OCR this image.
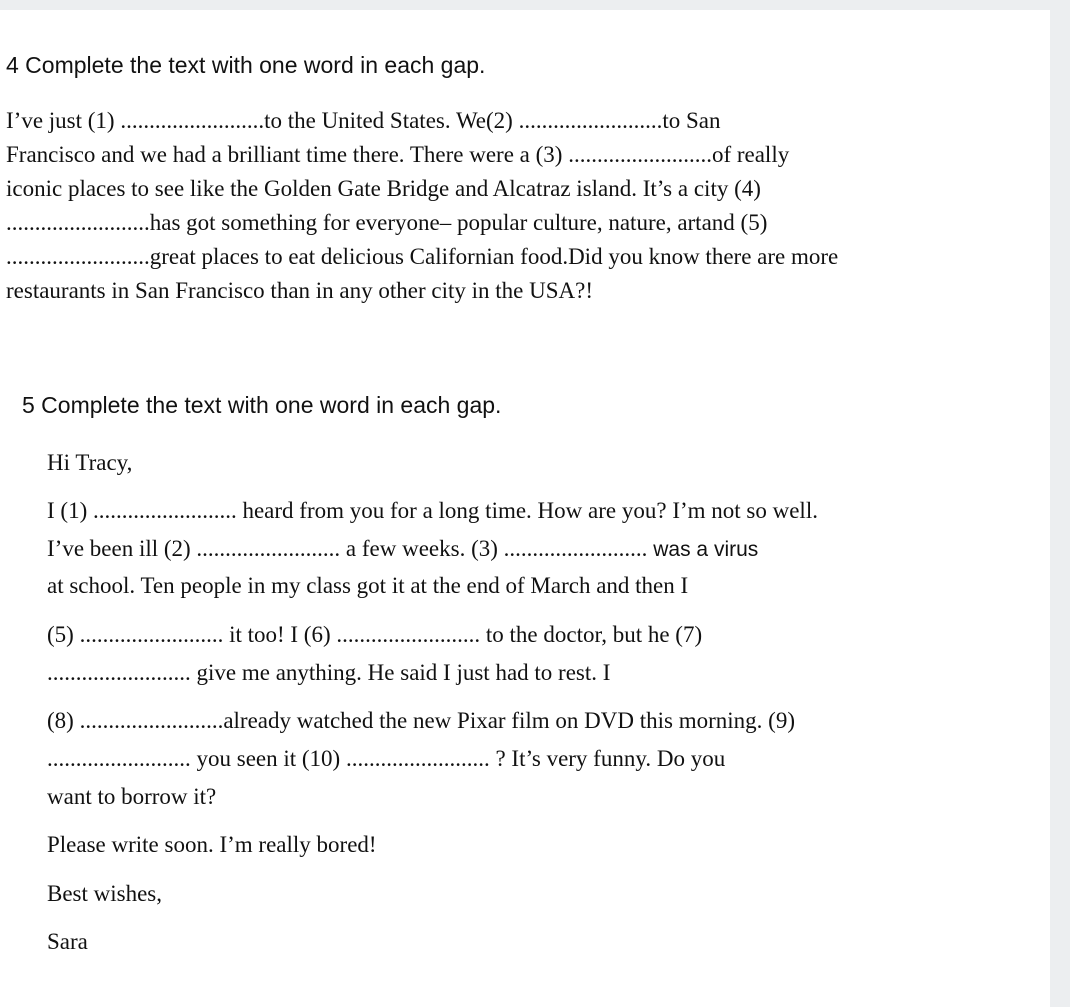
4 Complete the text with one word in each gap.

I’ve just (1) .........................to the United States. We(2) .........................to San

Francisco and we had a brilliant time there. There were a (3) .........................of really

iconic places to see like the Golden Gate Bridge and Alcatraz island. It’s a city (4)

.........................has got something for everyone– popular culture, nature, artand (5)

.........................great places to eat delicious Californian food.Did you know there are more

restaurants in San Francisco than in any other city in the USA?!

5 Complete the text with one word in each gap.

Hi Tracy,

I (1) ......................... heard from you for a long time. How are you? I’m not so well.

I’ve been ill (2) ......................... a few weeks. (3) ......................... was a virus

at school. Ten people in my class got it at the end of March and then I

(5) ......................... it too! I (6) ......................... to the doctor, but he (7)

......................... give me anything. He said I just had to rest. I

(8) .........................already watched the new Pixar film on DVD this morning. (9)

......................... you seen it (10) ......................... ? It’s very funny. Do you

want to borrow it?

Please write soon. I’m really bored!

Best wishes,

Sara
